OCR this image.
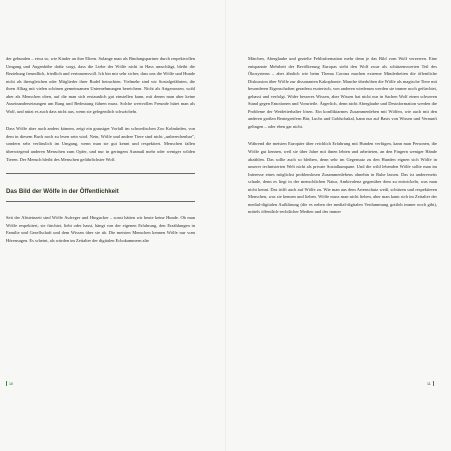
der gebunden – etwa so, wie Kinder an ihre Eltern. Solange man als Bindungspartner durch respektvollen Umgang und Augenhöhe dafür sorgt, dass die Liebe der Wölfe nicht in Hass umschlägt, bleibt die Beziehung freundlich, friedlich und vertrauensvoll. Ich bin mir sehr sicher, dass uns die Wölfe und Hunde nicht als ihresgleichen oder Mitglieder ihrer Rudel betrachten. Vielmehr sind wir Sozialgefährten, die ihren Alltag mit vielen schönen gemeinsamen Unternehmungen bereichern. Nicht als Artgenossen, wohl aber als Menschen oben, auf die man sich erstaunlich gut einstellen kann, mit denen man aber keine Auseinandersetzungen um Rang und Bedeutung führen muss. Solche wertvollen Freunde hütet man als Wolf, und nützt es auch dass nicht aus, wenn sie gelegentlich schwächeln.

Dass Wölfe aber auch anders können, zeigt ein grausiger Vorfall im schwedischen Zoo Kolmården, von dem in diesem Buch noch zu lesen sein wird. Nein, Wölfe und andere Tiere sind nicht „unberechenbar", sondern sehr verlässlich im Umgang, wenn man sie gut kennt und respektiert. Menschen fallen überwiegend anderen Menschen zum Opfer, und nur in geringem Ausmaß mehr oder weniger wilden Tieren. Der Mensch bleibt des Menschen gefährlichster Wolf.

Das Bild der Wölfe in der Öffentlichkeit

Seit der Altsteinzeit sind Wölfe Aufreger und Hingucker – sonst hätten wir heute keine Hunde. Ob man Wölfe respektiert, sie fürchtet, liebt oder hasst, hängt von der eigenen Erfahrung, den Erzählungen in Familie und Gesellschaft und dem Wissen über sie ab. Die meisten Menschen kennen Wölfe nur vom Hörensagen. Es scheint, als würden im Zeitalter der digitalen Echokammern alte

Märchen, Aberglaube und gezielte Fehlinformation mehr denn je das Bild vom Wolf verzerren. Eine entspannte Mehrheit der Bevölkerung Europas sieht den Wolf zwar als schützenswerten Teil des Ökosystems – aber ähnlich wie beim Thema Corona machen extreme Minderheiten die öffentliche Diskussion über Wölfe zur dissonanten Kakophonie. Manche überhöhen die Wölfe als magische Tiere mit besonderen Eigenschaften geradezu esoterisch, von anderen wiederum werden sie immer noch gefürchtet, gehasst und verfolgt. Wider besseres Wissen, aber Wissen hat nicht nur in Sachen Wolf einen schweren Stand gegen Emotionen und Vorurteile. Ärgerlich, denn nicht Aberglaube und Desinformation werden die Probleme der Weidetierhalter lösen. Ein konfliktarmes Zusammenleben mit Wölfen, wie auch mit den anderen großen Beutegreifern Bär, Luchs und Goldschakal, kann nur auf Basis von Wissen und Vernunft gelingen – oder eben gar nicht.

Während die meisten Europäer über reichlich Erfahrung mit Hunden verfügen, kann man Personen, die Wölfe gut kennen, weil sie über Jahre mit ihnen lebten und arbeiteten, an den Fingern weniger Hände abzählen. Das sollte auch so bleiben, denn sehr im Gegensatz zu den Hunden eignen sich Wölfe in unserer technisierten Welt nicht als private Sozialkumpane. Und die wild lebenden Wölfe sollte man im Interesse eines möglichst problemlosen Zusammenlebens ohnehin in Ruhe lassen. Das ist andererseits schade, denn es liegt in der menschlichen Natur, Ambivalenz gegenüber dem zu entwickeln, was man nicht kennt. Das trifft auch auf Wölfe zu. Wie man aus dem Artenschutz weiß, schützen und respektieren Menschen, was sie kennen und lieben. Wölfe muss man nicht lieben, aber man kann sich im Zeitalter der medial-digitalen Aufklärung (die es neben der medial-digitalen Verdummung gottlob immer noch gibt), mittels öffentlich-rechtlicher Medien und des immer

10	11
